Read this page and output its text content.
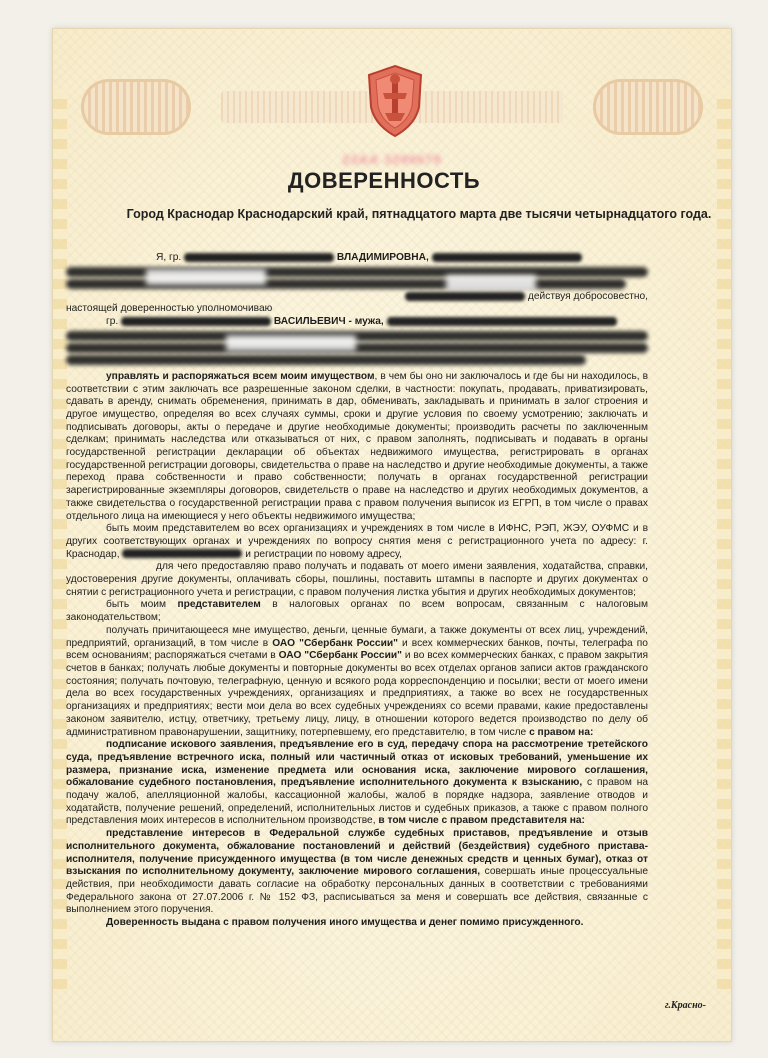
23АА 3299679
ДОВЕРЕННОСТЬ
Город Краснодар Краснодарский край, пятнадцатого марта две тысячи четырнадцатого года.

Я, гр.	ВЛАДИМИРОВНА,

действуя добросовестно,

настоящей доверенностью уполномочиваю

гр.	ВАСИЛЬЕВИЧ - мужа,

управлять и распоряжаться всем моим имуществом, в чем бы оно ни заключалось и где бы ни находилось, в соответствии с этим заключать все разрешенные законом сделки, в частности: покупать, продавать, приватизировать, сдавать в аренду, снимать обременения, принимать в дар, обменивать, закладывать и принимать в залог строения и другое имущество, определяя во всех случаях суммы, сроки и другие условия по своему усмотрению; заключать и подписывать договоры, акты о передаче и другие необходимые документы; производить расчеты по заключенным сделкам; принимать наследства или отказываться от них, с правом заполнять, подписывать и подавать в органы государственной регистрации декларации об объектах недвижимого имущества, регистрировать в органах государственной регистрации договоры, свидетельства о праве на наследство и другие необходимые документы, а также переход права собственности и право собственности; получать в органах государственной регистрации зарегистрированные экземпляры договоров, свидетельств о праве на наследство и других необходимых документов, а также свидетельства о государственной регистрации права с правом получения выписок из ЕГРП, в том числе о правах отдельного лица на имеющиеся у него объекты недвижимого имущества;

быть моим представителем во всех организациях и учреждениях в том числе в ИФНС, РЭП, ЖЭУ, ОУФМС и в других соответствующих органах и учреждениях по вопросу снятия меня с регистрационного учета по адресу: г. Краснодар,	и регистрации по новому адресу,

для чего предоставляю право получать и подавать от моего имени заявления, ходатайства, справки, удостоверения другие документы, оплачивать сборы, пошлины, поставить штампы в паспорте и других документах о снятии с регистрационного учета и регистрации, с правом получения листка убытия и других необходимых документов;

быть моим представителем в налоговых органах по всем вопросам, связанным с налоговым законодательством;

получать причитающееся мне имущество, деньги, ценные бумаги, а также документы от всех лиц, учреждений, предприятий, организаций, в том числе в ОАО "Сбербанк России" и всех коммерческих банков, почты, телеграфа по всем основаниям; распоряжаться счетами в ОАО "Сбербанк России" и во всех коммерческих банках, с правом закрытия счетов в банках; получать любые документы и повторные документы во всех отделах органов записи актов гражданского состояния; получать почтовую, телеграфную, ценную и всякого рода корреспонденцию и посылки; вести от моего имени дела во всех государственных учреждениях, организациях и предприятиях, а также во всех не государственных организациях и предприятиях; вести мои дела во всех судебных учреждениях со всеми правами, какие предоставлены законом заявителю, истцу, ответчику, третьему лицу, лицу, в отношении которого ведется производство по делу об административном правонарушении, защитнику, потерпевшему, его представителю, в том числе с правом на:

подписание искового заявления, предъявление его в суд, передачу спора на рассмотрение третейского суда, предъявление встречного иска, полный или частичный отказ от исковых требований, уменьшение их размера, признание иска, изменение предмета или основания иска, заключение мирового соглашения, обжалование судебного постановления, предъявление исполнительного документа к взысканию, с правом на подачу жалоб, апелляционной жалобы, кассационной жалобы, жалоб в порядке надзора, заявление отводов и ходатайств, получение решений, определений, исполнительных листов и судебных приказов, а также с правом полного представления моих интересов в исполнительном производстве, в том числе с правом представителя на:

представление интересов в Федеральной службе судебных приставов, предъявление и отзыв исполнительного документа, обжалование постановлений и действий (бездействия) судебного пристава-исполнителя, получение присужденного имущества (в том числе денежных средств и ценных бумаг), отказ от взыскания по исполнительному документу, заключение мирового соглашения, совершать иные процессуальные действия, при необходимости давать согласие на обработку персональных данных в соответствии с требованиями Федерального закона от 27.07.2006 г. № 152 ФЗ, расписываться за меня и совершать все действия, связанные с выполнением этого поручения.

Доверенность выдана с правом получения иного имущества и денег помимо присужденного.

г.Красно-
